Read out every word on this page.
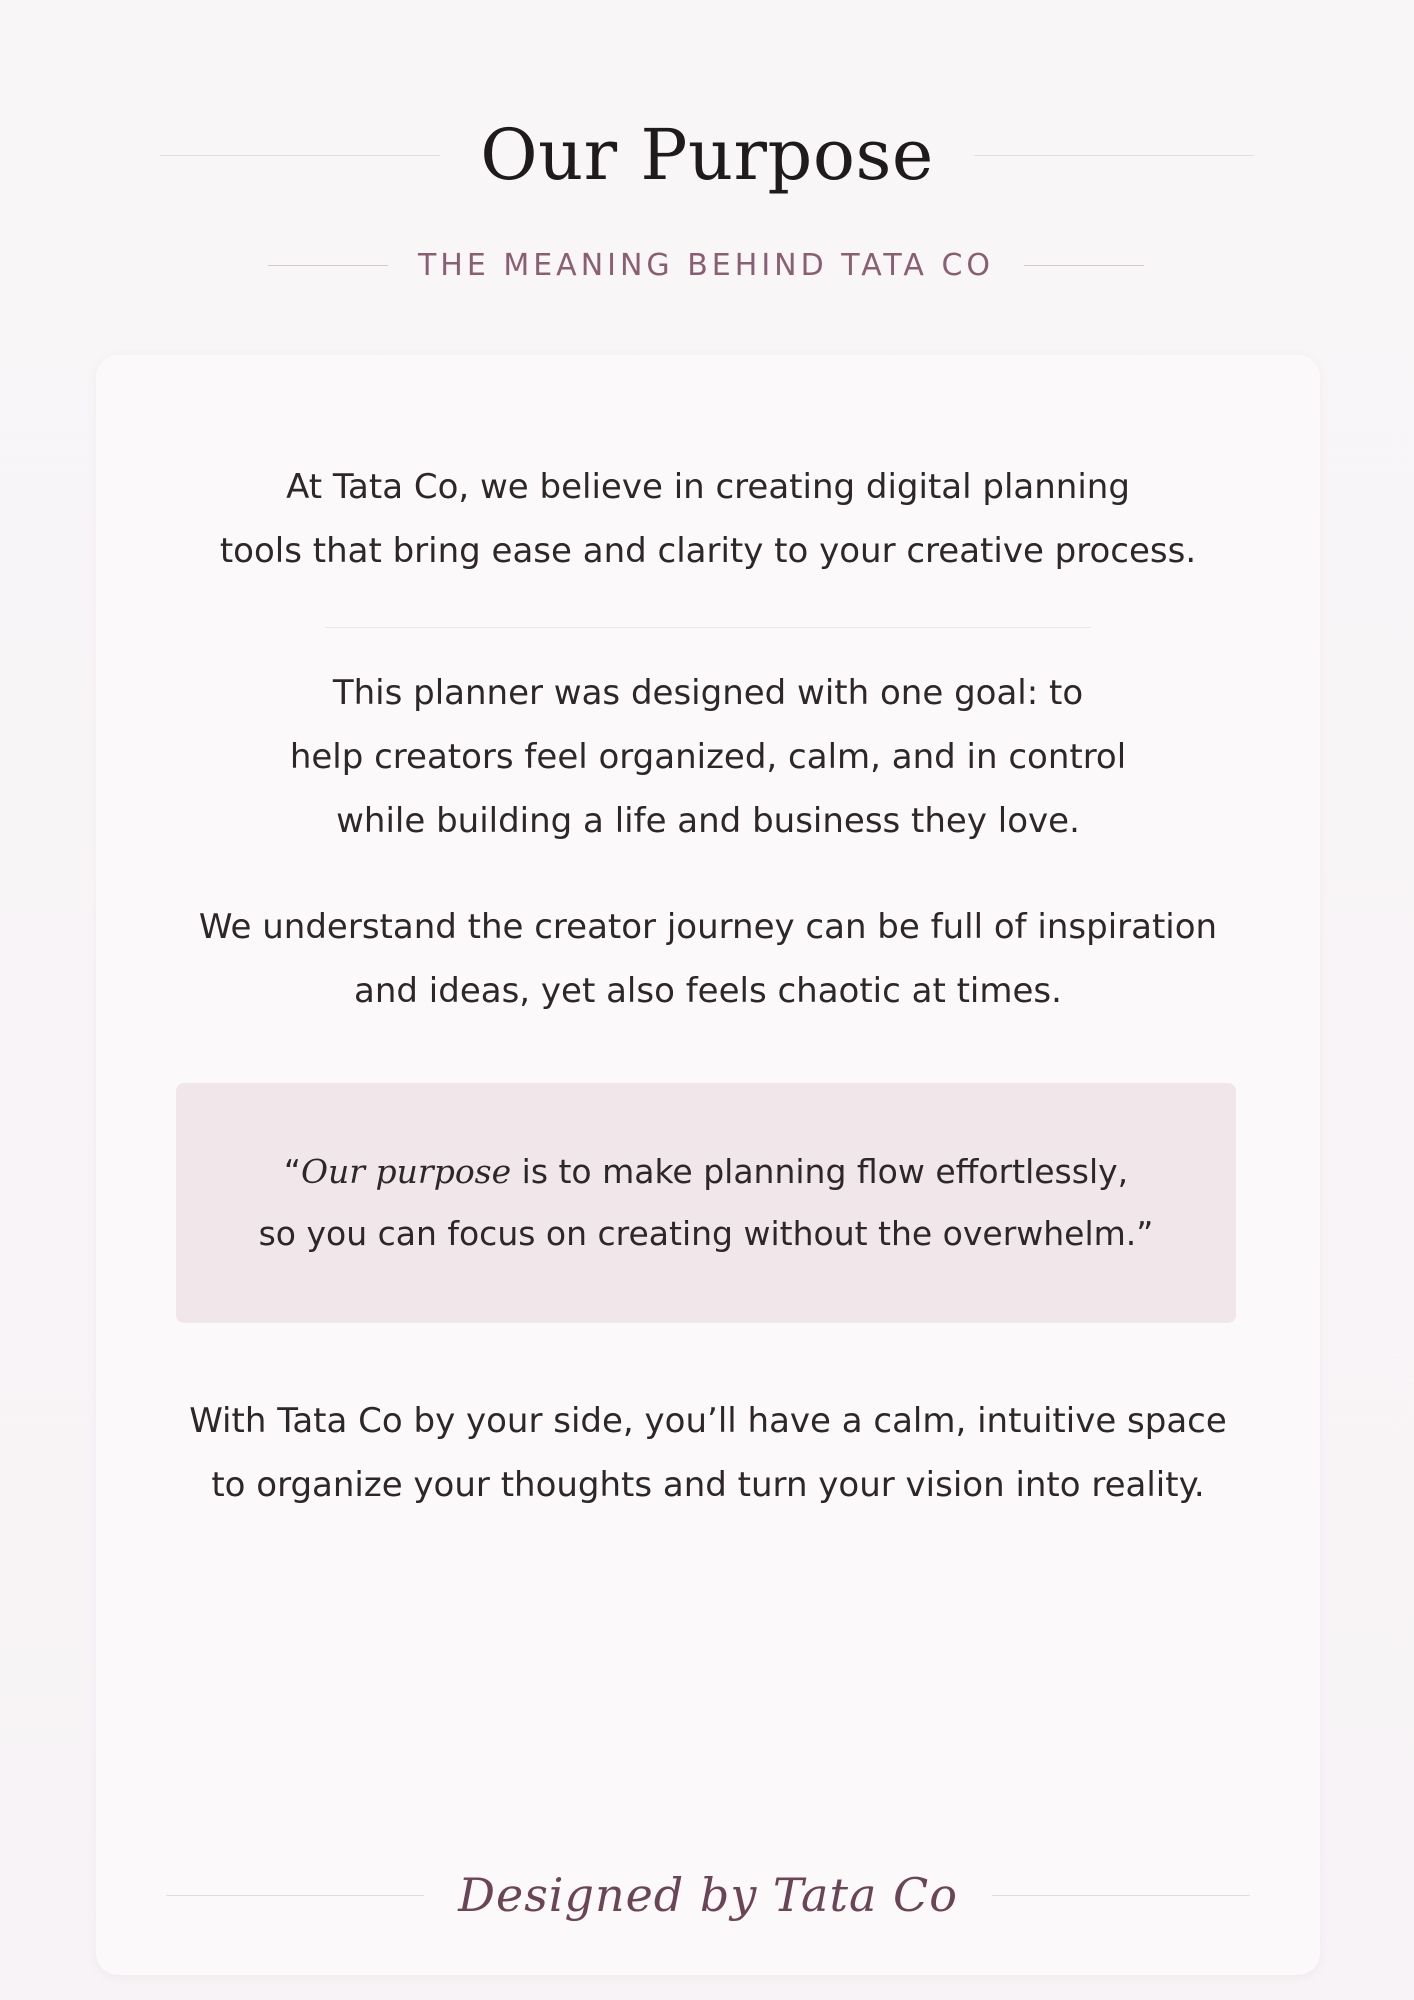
Our Purpose
THE MEANING BEHIND TATA CO

At Tata Co, we believe in creating digital planning
tools that bring ease and clarity to your creative process.

This planner was designed with one goal: to
help creators feel organized, calm, and in control
while building a life and business they love.

We understand the creator journey can be full of inspiration
and ideas, yet also feels chaotic at times.

“Our purpose is to make planning flow effortlessly,
so you can focus on creating without the overwhelm.”

With Tata Co by your side, you’ll have a calm, intuitive space
to organize your thoughts and turn your vision into reality.

Designed by Tata Co
